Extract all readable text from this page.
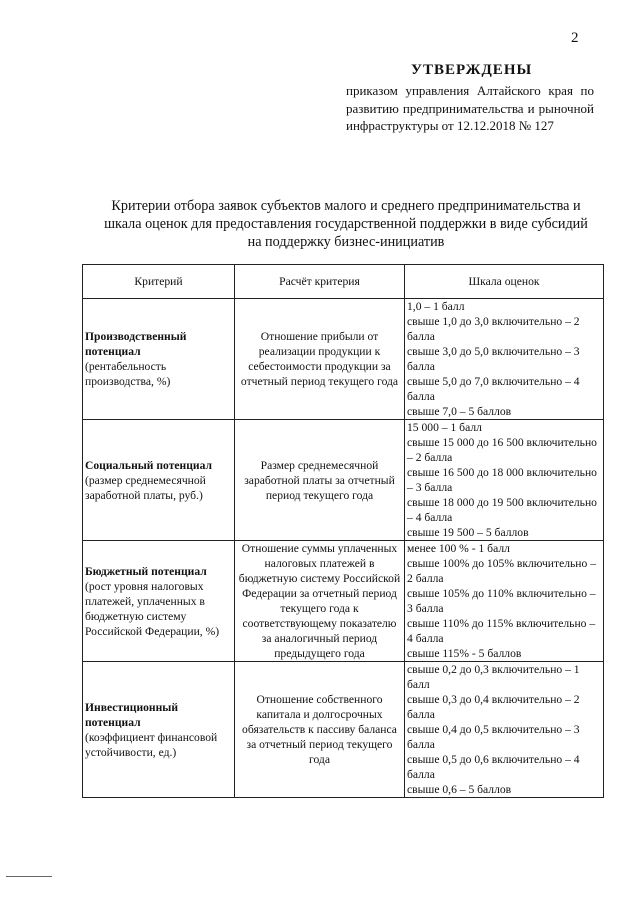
2
УТВЕРЖДЕНЫ
приказом управления Алтайского края по развитию предпринимательства и рыночной инфраструктуры от 12.12.2018 № 127
Критерии отбора заявок субъектов малого и среднего предпринимательства и шкала оценок для предоставления государственной поддержки в виде субсидий на поддержку бизнес-инициатив
Критерий	Расчёт критерия	Шкала оценок

Производственный потенциал
(рентабельность производства, %)	Отношение прибыли от реализации продукции к себестоимости продукции за отчетный период текущего года	1,0 – 1 балл
свыше 1,0 до 3,0 включительно – 2 балла
свыше 3,0 до 5,0 включительно – 3 балла
свыше 5,0 до 7,0 включительно – 4 балла
свыше 7,0 – 5 баллов

Социальный потенциал
(размер среднемесячной заработной платы, руб.)	Размер среднемесячной заработной платы за отчетный период текущего года	15 000 – 1 балл
свыше 15 000 до 16 500 включительно – 2 балла
свыше 16 500 до 18 000 включительно – 3 балла
свыше 18 000 до 19 500 включительно – 4 балла
свыше 19 500 – 5 баллов

Бюджетный потенциал
(рост уровня налоговых платежей, уплаченных в бюджетную систему Российской Федерации, %)	Отношение суммы уплаченных налоговых платежей в бюджетную систему Российской Федерации за отчетный период текущего года к соответствующему показателю за аналогичный период предыдущего года	менее 100 % - 1 балл
свыше 100% до 105% включительно – 2 балла
свыше 105% до 110% включительно – 3 балла
свыше 110% до 115% включительно – 4 балла
свыше 115% - 5 баллов

Инвестиционный потенциал
(коэффициент финансовой устойчивости, ед.)	Отношение собственного капитала и долгосрочных обязательств к пассиву баланса за отчетный период текущего года	свыше 0,2 до 0,3 включительно – 1 балл
свыше 0,3 до 0,4 включительно – 2 балла
свыше 0,4 до 0,5 включительно – 3 балла
свыше 0,5 до 0,6 включительно – 4 балла
свыше 0,6 – 5 баллов
